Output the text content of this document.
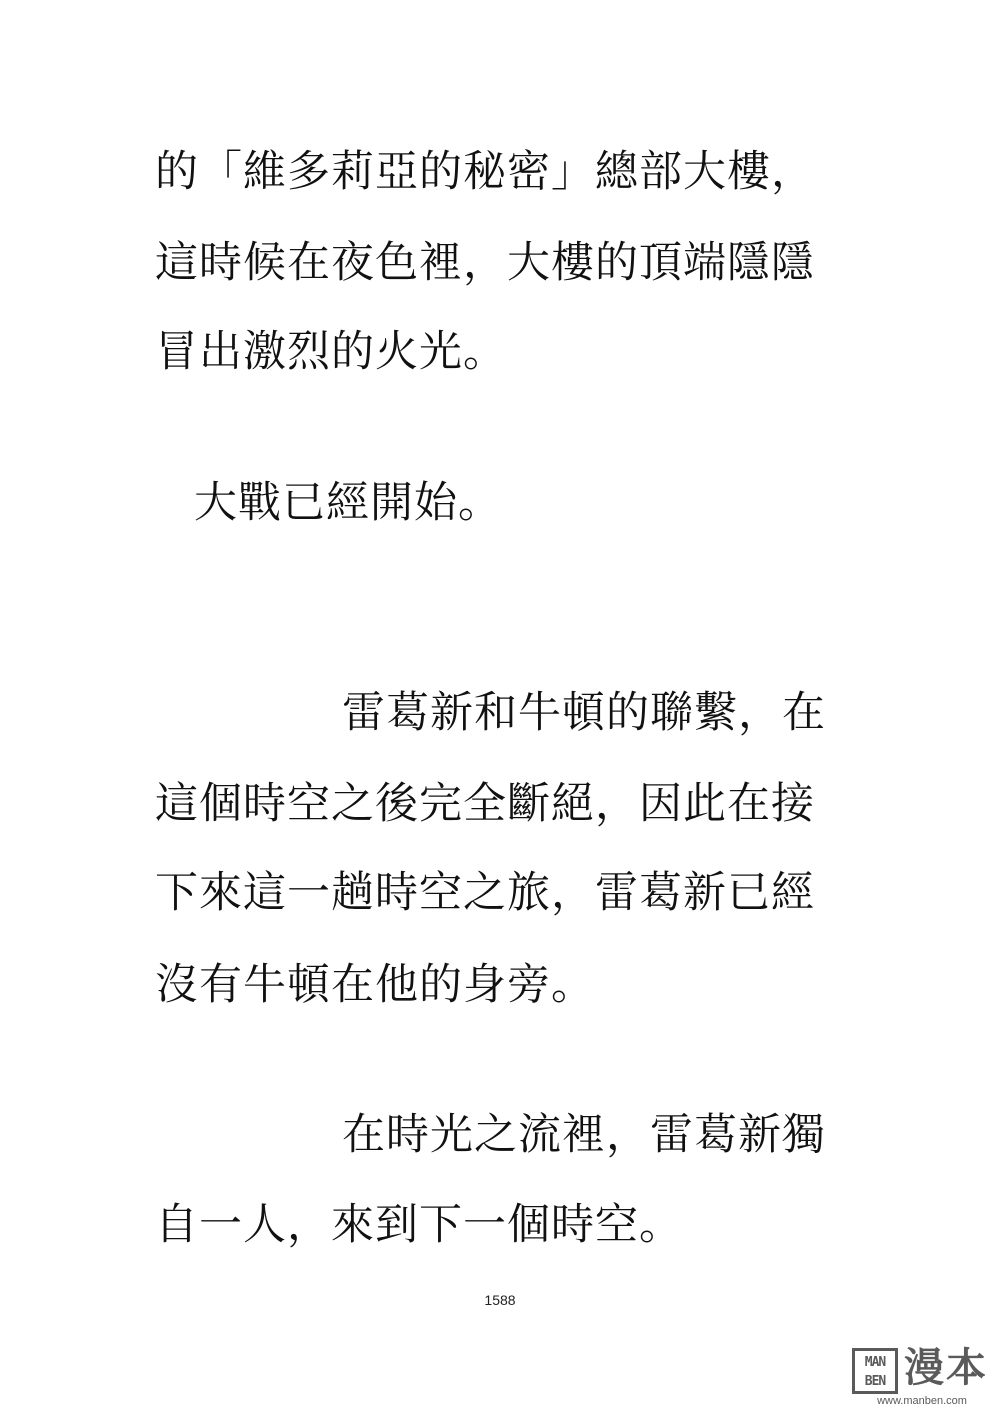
的「維多莉亞的秘密」總部大樓，
這時候在夜色裡，大樓的頂端隱隱
冒出激烈的火光。
大戰已經開始。
雷葛新和牛頓的聯繫，在
這個時空之後完全斷絕，因此在接
下來這一趟時空之旅，雷葛新已經
沒有牛頓在他的身旁。
在時光之流裡，雷葛新獨
自一人，來到下一個時空。
1588
MAN
BEN 漫本
www.manben.com
